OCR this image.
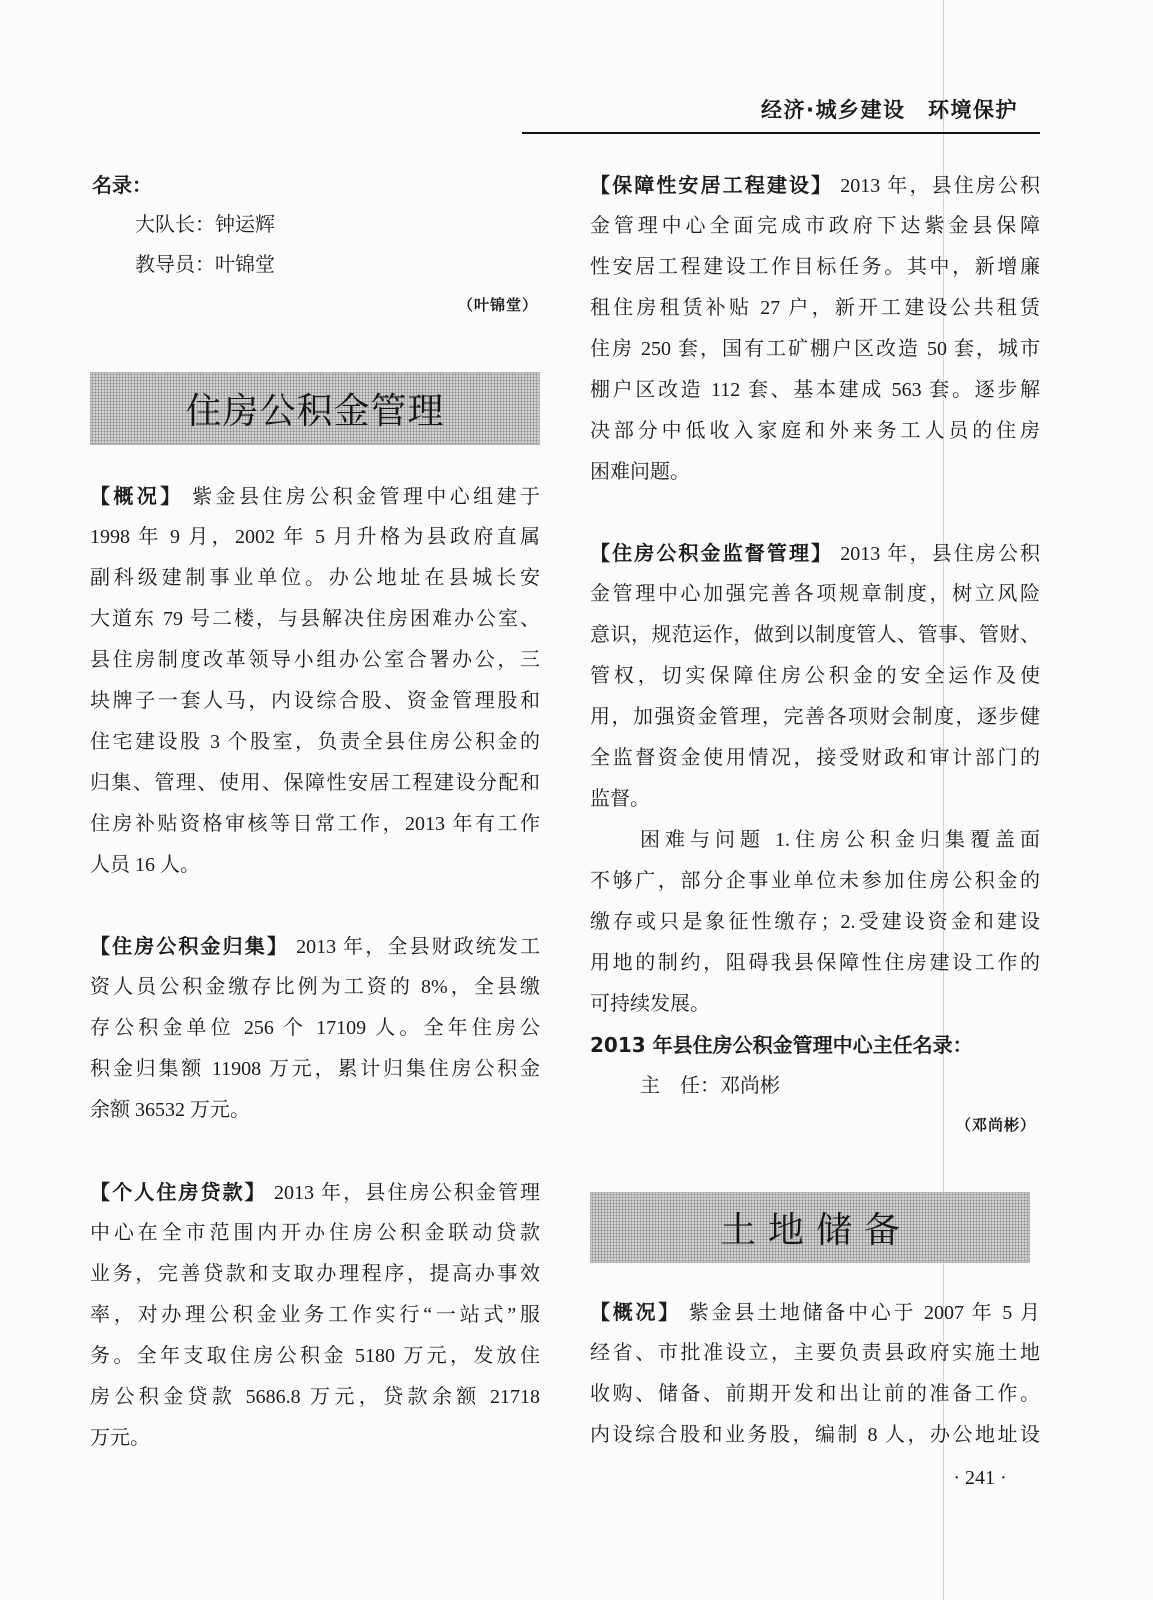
经济·城乡建设　环境保护
名录：
大队长：钟运辉
教导员：叶锦堂
（叶锦堂）
住房公积金管理
【概况】 紫金县住房公积金管理中心组建于
1998 年 9 月，2002 年 5 月升格为县政府直属
副科级建制事业单位。办公地址在县城长安
大道东 79 号二楼，与县解决住房困难办公室、
县住房制度改革领导小组办公室合署办公，三
块牌子一套人马，内设综合股、资金管理股和
住宅建设股 3 个股室，负责全县住房公积金的
归集、管理、使用、保障性安居工程建设分配和
住房补贴资格审核等日常工作，2013 年有工作
人员 16 人。
【住房公积金归集】 2013 年，全县财政统发工
资人员公积金缴存比例为工资的 8%，全县缴
存公积金单位 256 个 17109 人。全年住房公
积金归集额 11908 万元，累计归集住房公积金
余额 36532 万元。
【个人住房贷款】 2013 年，县住房公积金管理
中心在全市范围内开办住房公积金联动贷款
业务，完善贷款和支取办理程序，提高办事效
率，对办理公积金业务工作实行“一站式”服
务。全年支取住房公积金 5180 万元，发放住
房公积金贷款 5686.8 万元，贷款余额 21718
万元。
【保障性安居工程建设】 2013 年，县住房公积
金管理中心全面完成市政府下达紫金县保障
性安居工程建设工作目标任务。其中，新增廉
租住房租赁补贴 27 户，新开工建设公共租赁
住房 250 套，国有工矿棚户区改造 50 套，城市
棚户区改造 112 套、基本建成 563 套。逐步解
决部分中低收入家庭和外来务工人员的住房
困难问题。
【住房公积金监督管理】 2013 年，县住房公积
金管理中心加强完善各项规章制度，树立风险
意识，规范运作，做到以制度管人、管事、管财、
管权，切实保障住房公积金的安全运作及使
用，加强资金管理，完善各项财会制度，逐步健
全监督资金使用情况，接受财政和审计部门的
监督。
困难与问题 1.住房公积金归集覆盖面
不够广，部分企事业单位未参加住房公积金的
缴存或只是象征性缴存；2.受建设资金和建设
用地的制约，阻碍我县保障性住房建设工作的
可持续发展。
2013 年县住房公积金管理中心主任名录：
主　任：邓尚彬
（邓尚彬）
土地储备
【概况】 紫金县土地储备中心于 2007 年 5 月
经省、市批准设立，主要负责县政府实施土地
收购、储备、前期开发和出让前的准备工作。
内设综合股和业务股，编制 8 人，办公地址设
· 241 ·
